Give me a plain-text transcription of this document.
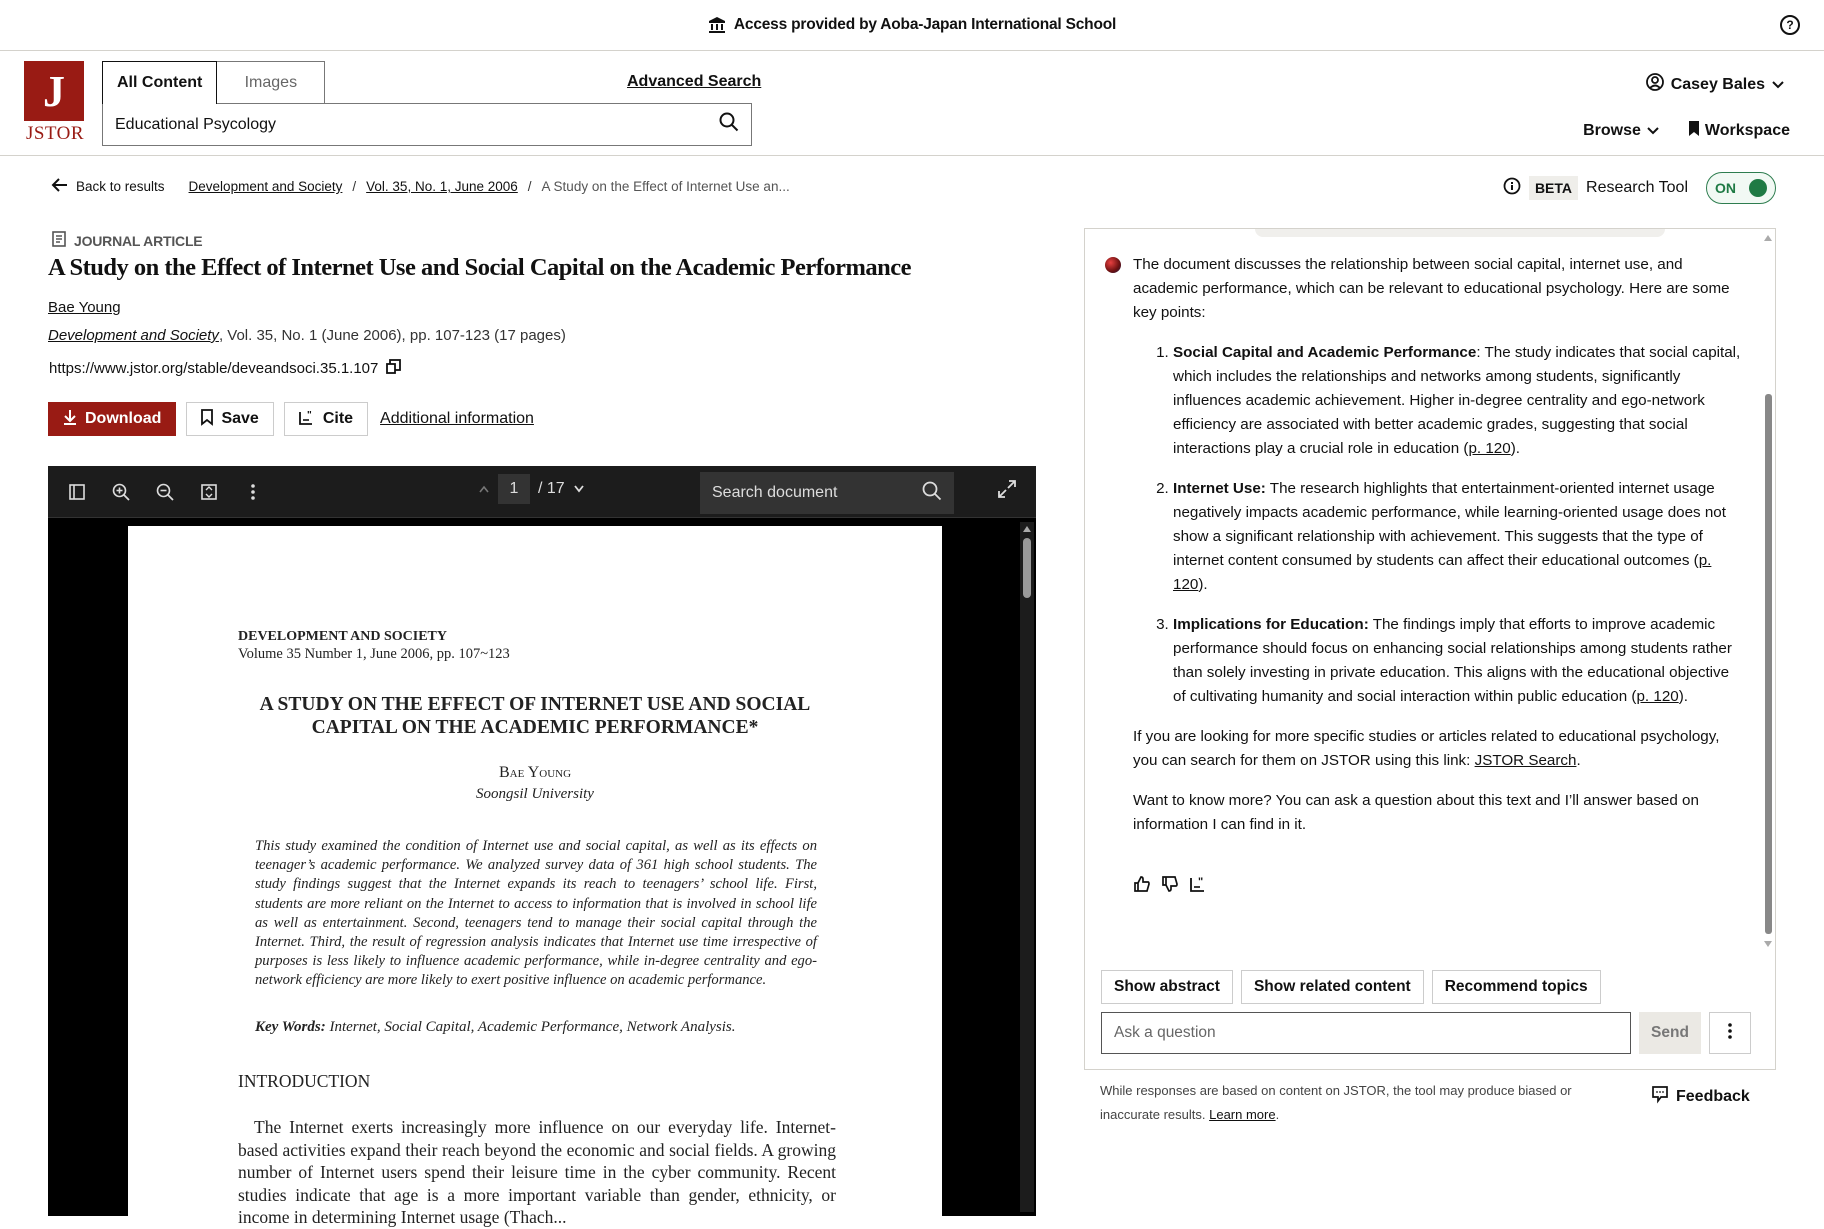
Access provided by Aoba-Japan International School	?
J
JSTOR
All Content	Images	Advanced Search
Educational Psycology
Casey Bales
Browse	Workspace
Back to results Development and Society / Vol. 35, No. 1, June 2006 / A Study on the Effect of Internet Use an...	BETA Research Tool ON
JOURNAL ARTICLE
A Study on the Effect of Internet Use and Social Capital on the Academic Performance
Bae Young
Development and Society, Vol. 35, No. 1 (June 2006), pp. 107-123 (17 pages)
https://www.jstor.org/stable/deveandsoci.35.1.107
Download	Save	" Cite Additional information
1	/ 17	Search document
DEVELOPMENT AND SOCIETY
Volume 35 Number 1, June 2006, pp. 107~123
A STUDY ON THE EFFECT OF INTERNET USE AND SOCIAL
CAPITAL ON THE ACADEMIC PERFORMANCE*
Bae Young
Soongsil University
This study examined the condition of Internet use and social capital, as well as its effects on teenager’s academic performance. We analyzed survey data of 361 high school students. The study findings suggest that the Internet expands its reach to teenagers’ school life. First, students are more reliant on the Internet to access to information that is involved in school life as well as entertainment. Second, teenagers tend to manage their social capital through the Internet. Third, the result of regression analysis indicates that Internet use time irrespective of purposes is less likely to influence academic performance, while in-degree centrality and ego-network efficiency are more likely to exert positive influence on academic performance.
Key Words: Internet, Social Capital, Academic Performance, Network Analysis.
INTRODUCTION
The Internet exerts increasingly more influence on our everyday life. Internet-based activities expand their reach beyond the economic and social fields. A growing number of Internet users spend their leisure time in the cyber community. Recent studies indicate that age is a more important variable than gender, ethnicity, or income in determining Internet usage (Thach...

The document discusses the relationship between social capital, internet use, and academic performance, which can be relevant to educational psychology. Here are some key points:

1. Social Capital and Academic Performance: The study indicates that social capital, which includes the relationships and networks among students, significantly influences academic achievement. Higher in-degree centrality and ego-network efficiency are associated with better academic grades, suggesting that social interactions play a crucial role in education (p. 120).
2. Internet Use: The research highlights that entertainment-oriented internet usage negatively impacts academic performance, while learning-oriented usage does not show a significant relationship with achievement. This suggests that the type of internet content consumed by students can affect their educational outcomes (p. 120).
3. Implications for Education: The findings imply that efforts to improve academic performance should focus on enhancing social relationships among students rather than solely investing in private education. This aligns with the educational objective of cultivating humanity and social interaction within public education (p. 120).

If you are looking for more specific studies or articles related to educational psychology, you can search for them on JSTOR using this link: JSTOR Search.

Want to know more? You can ask a question about this text and I’ll answer based on information I can find in it.

"
Show abstract	Show related content	Recommend topics
Ask a question	Send
While responses are based on content on JSTOR, the tool may produce biased or inaccurate results. Learn more.
Feedback
